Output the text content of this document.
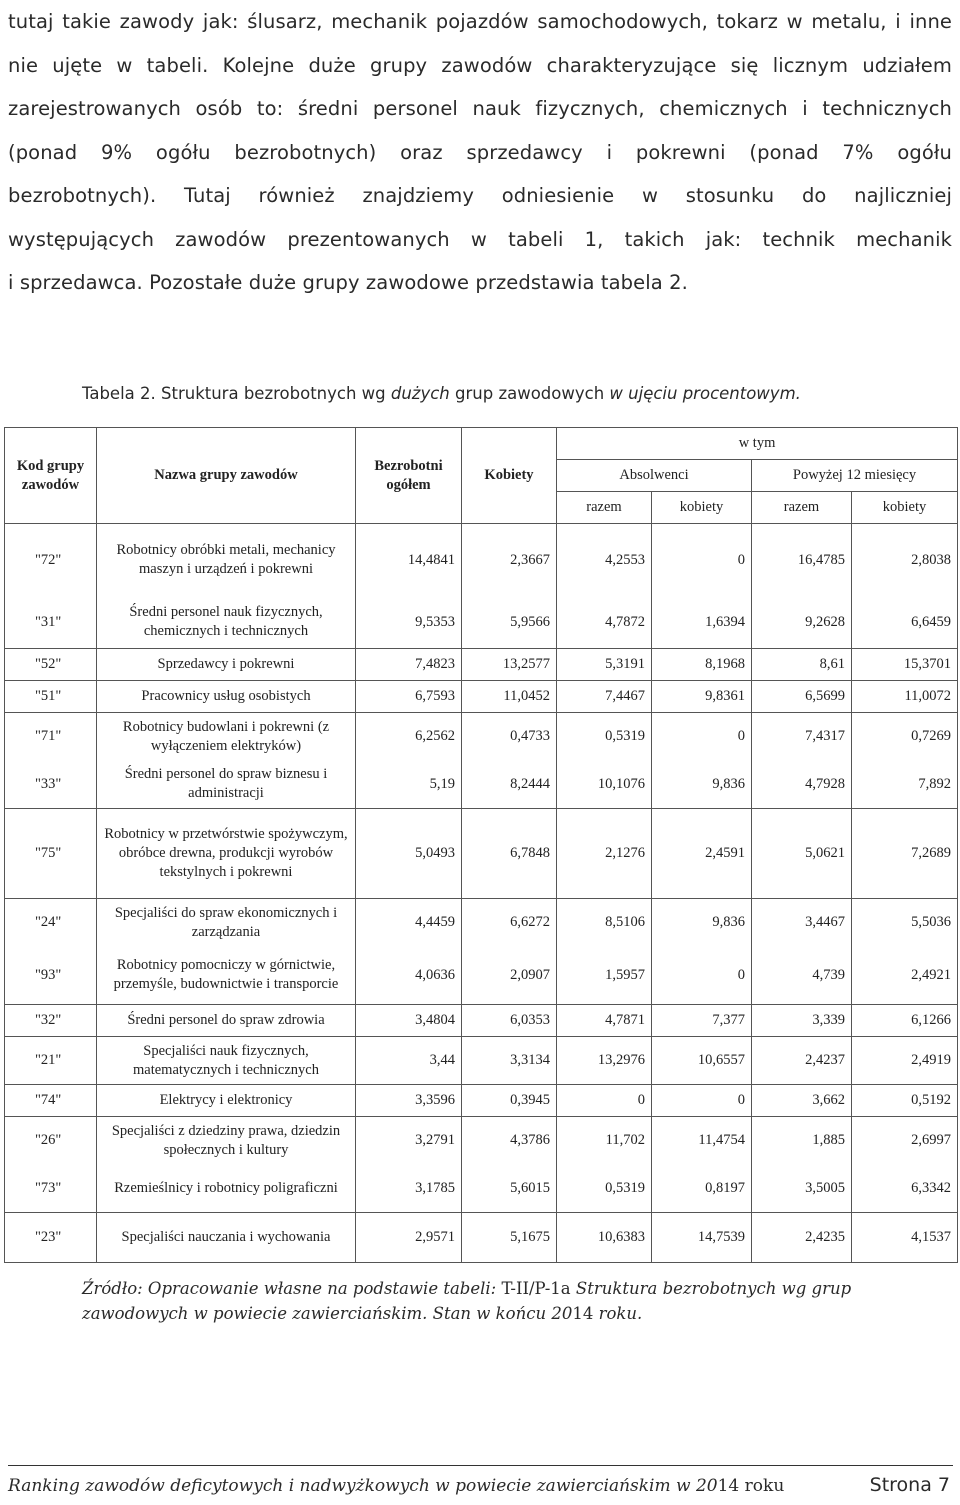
tutaj takie zawody jak: ślusarz, mechanik pojazdów samochodowych, tokarz w metalu, i inne
nie ujęte w tabeli. Kolejne duże grupy zawodów charakteryzujące się licznym udziałem
zarejestrowanych osób to: średni personel nauk fizycznych, chemicznych i technicznych
(ponad 9% ogółu bezrobotnych) oraz sprzedawcy i pokrewni (ponad 7% ogółu
bezrobotnych). Tutaj również znajdziemy odniesienie w stosunku do najliczniej
występujących zawodów prezentowanych w tabeli 1, takich jak: technik mechanik
i sprzedawca. Pozostałe duże grupy zawodowe przedstawia tabela 2.
Tabela 2. Struktura bezrobotnych wg dużych grup zawodowych w ujęciu procentowym.
Kod grupy zawodów	Nazwa grupy zawodów	Bezrobotni ogółem	Kobiety	w tym			
				Absolwenci		Powyżej 12 miesięcy	
				razem	kobiety	razem	kobiety
"72"	Robotnicy obróbki metali, mechanicy maszyn i urządzeń i pokrewni	14,4841	2,3667	4,2553	0	16,4785	2,8038
"31"	Średni personel nauk fizycznych, chemicznych i technicznych	9,5353	5,9566	4,7872	1,6394	9,2628	6,6459
"52"	Sprzedawcy i pokrewni	7,4823	13,2577	5,3191	8,1968	8,61	15,3701
"51"	Pracownicy usług osobistych	6,7593	11,0452	7,4467	9,8361	6,5699	11,0072
"71"	Robotnicy budowlani i pokrewni (z wyłączeniem elektryków)	6,2562	0,4733	0,5319	0	7,4317	0,7269
"33"	Średni personel do spraw biznesu i administracji	5,19	8,2444	10,1076	9,836	4,7928	7,892
"75"	Robotnicy w przetwórstwie spożywczym, obróbce drewna, produkcji wyrobów tekstylnych i pokrewni	5,0493	6,7848	2,1276	2,4591	5,0621	7,2689
"24"	Specjaliści do spraw ekonomicznych i zarządzania	4,4459	6,6272	8,5106	9,836	3,4467	5,5036
"93"	Robotnicy pomocniczy w górnictwie, przemyśle, budownictwie i transporcie	4,0636	2,0907	1,5957	0	4,739	2,4921
"32"	Średni personel do spraw zdrowia	3,4804	6,0353	4,7871	7,377	3,339	6,1266
"21"	Specjaliści nauk fizycznych, matematycznych i technicznych	3,44	3,3134	13,2976	10,6557	2,4237	2,4919
"74"	Elektrycy i elektronicy	3,3596	0,3945	0	0	3,662	0,5192
"26"	Specjaliści z dziedziny prawa, dziedzin społecznych i kultury	3,2791	4,3786	11,702	11,4754	1,885	2,6997
"73"	Rzemieślnicy i robotnicy poligraficzni	3,1785	5,6015	0,5319	0,8197	3,5005	6,3342
"23"	Specjaliści nauczania i wychowania	2,9571	5,1675	10,6383	14,7539	2,4235	4,1537
Źródło: Opracowanie własne na podstawie tabeli: T-II/P-1a Struktura bezrobotnych wg grup zawodowych w powiecie zawierciańskim. Stan w końcu 2014 roku.
Ranking zawodów deficytowych i nadwyżkowych w powiecie zawierciańskim w 2014 roku	Strona 7
